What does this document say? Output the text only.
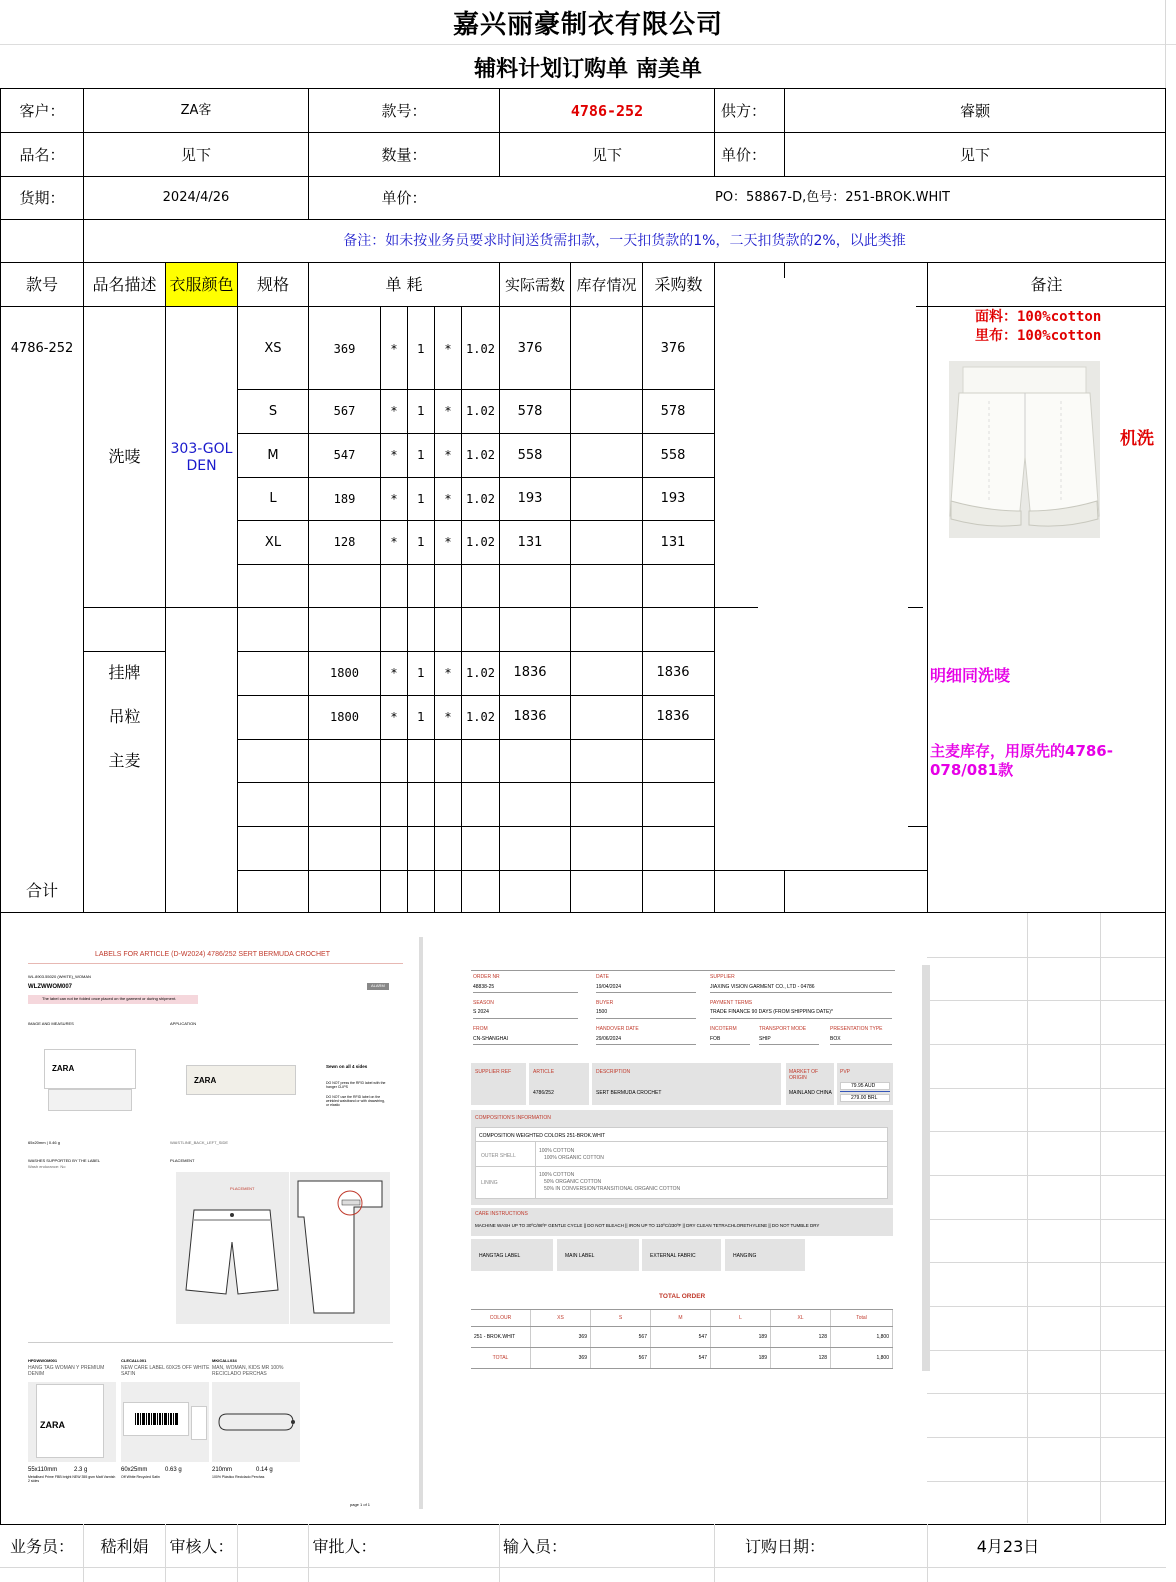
嘉兴丽豪制衣有限公司
辅料计划订购单 南美单
客户：	ZA客	款号：	4786-252	供方：	睿颢
品名：	见下	数量：	见下	单价：	见下
货期：	2024/4/26	单价：	PO：58867-D,色号：251-BROK.WHIT
备注：如未按业务员要求时间送货需扣款，一天扣货款的1%，二天扣货款的2%，以此类推
款号	品名描述 衣服颜色	规格	单 耗	实际需数 库存情况	采购数	备注
4786-252
洗唛	303-GOLDEN
XS	369	*	1	*	1.02	376	376
S	567	*	1	*	1.02	578	578
M	547	*	1	*	1.02	558	558
L	189	*	1	*	1.02	193	193
XL	128	*	1	*	1.02	131	131
挂牌	1800	*	1	*	1.02	1836	1836
吊粒	1800	*	1	*	1.02	1836	1836
主麦
合计
面料：100%cotton
里布：100%cotton
机洗
明细同洗唛
主麦库存，用原先的4786-078/081款
LABELS FOR ARTICLE (D-W2024) 4786/252 SERT BERMUDA CROCHET
WL.8903.55020 (WHITE)_WOMAN
WLZWWOM007	ALARM
The label can not be folded once placed on the garment or during shipment.
IMAGE AND MEASURES	APPLICATION
ZARA
ZARA
Sewn on all 4 sides
DO NOT press the RFID label with the hanger CLIPS
DO NOT use the RFID label on the wrinkled waistband or with drawstring, or elastic
65x20mm | 0.46 g	WAISTLINE_BACK_LEFT_SIDE
WASHES SUPPORTED BY THE LABEL
Wash endurance: No
PLACEMENT
PLACEMENT
HPDWWOM001
HANG TAG WOMAN Y PREMIUM DENIM
ZARA
55x110mm	2.3 g
Metallised Prime FBB bright NEW 355 gsm Matt Varnish 2 sides
CLECALL001
NEW CARE LABEL 60X25 OFF WHITE SATIN
60x25mm	0.63 g
Off White Recycled Satin
MKICALL034
MAN, WOMAN, KIDS MR 100% RECICLADO PERCHAS
210mm	0.14 g
100% Plástico Reciclado Perchas
page 1 of 1
ORDER NR
48838-25
DATE
19/04/2024
SUPPLIER
JIAXING VISION GARMENT CO., LTD - 04786
SEASON
S 2024
BUYER
1500
PAYMENT TERMS
TRADE FINANCE 90 DAYS (FROM SHIPPING DATE)*
FROM
CN-SHANGHAI
HANDOVER DATE
29/06/2024
INCOTERM
FOB
TRANSPORT MODE
SHIP
PRESENTATION TYPE
BOX
SUPPLIER REF	ARTICLE
4786/252
DESCRIPTION
SERT BERMUDA CROCHET
MARKET OF ORIGIN
MAINLAND CHINA
PVP
79.95 AUD
279.00 BRL
COMPOSITION'S INFORMATION
COMPOSITION WEIGHTED COLORS 251-BROK.WHIT
OUTER SHELL
100% COTTON
100% ORGANIC COTTON
LINING
100% COTTON
50% ORGANIC COTTON
50% IN CONVERSION/TRANSITIONAL ORGANIC COTTON
CARE INSTRUCTIONS
MACHINE WASH UP TO 30ºC/86ºF GENTLE CYCLE || DO NOT BLEACH || IRON UP TO 110ºC/230ºF || DRY CLEAN TETRACHLORETHYLENE || DO NOT TUMBLE DRY
HANGTAG LABEL	MAIN LABEL	EXTERNAL FABRIC	HANGING
TOTAL ORDER
COLOUR	XS	S	M	L	XL	Total
251 - BROK.WHIT	369	567	547	189	128	1,800
TOTAL	369	567	547	189	128	1,800
业务员：	嵇利娟	审核人：	审批人：	输入员：	订购日期：	4月23日
